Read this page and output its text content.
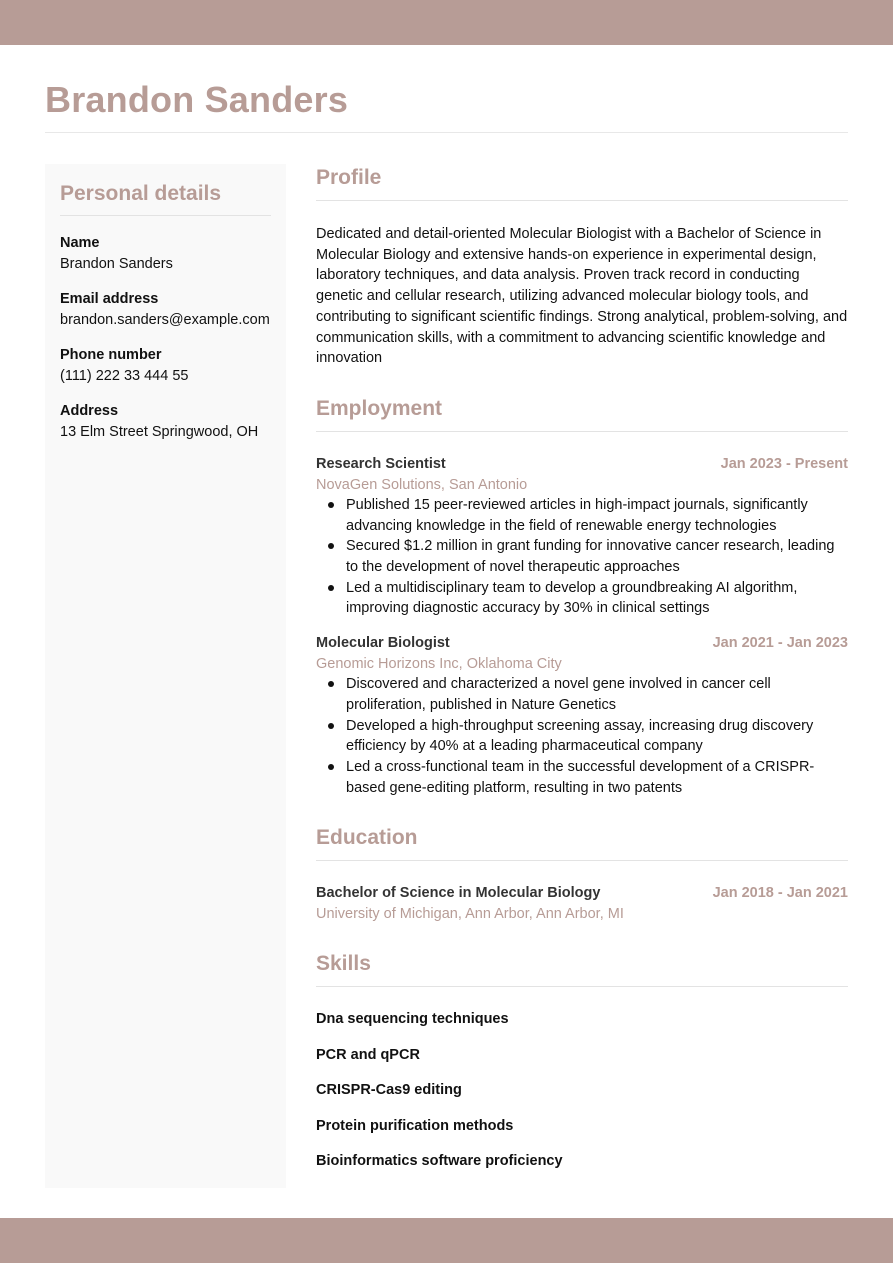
Brandon Sanders
Personal details
Name
Brandon Sanders
Email address
brandon.sanders@example.com
Phone number
(111) 222 33 444 55
Address
13 Elm Street Springwood, OH
Profile

Dedicated and detail-oriented Molecular Biologist with a Bachelor of Science in Molecular Biology and extensive hands-on experience in experimental design, laboratory techniques, and data analysis. Proven track record in conducting genetic and cellular research, utilizing advanced molecular biology tools, and contributing to significant scientific findings. Strong analytical, problem-solving, and communication skills, with a commitment to advancing scientific knowledge and innovation

Employment
Research Scientist	Jan 2023 - Present
NovaGen Solutions, San Antonio
Published 15 peer-reviewed articles in high-impact journals, significantly advancing knowledge in the field of renewable energy technologies
Secured $1.2 million in grant funding for innovative cancer research, leading to the development of novel therapeutic approaches
Led a multidisciplinary team to develop a groundbreaking AI algorithm, improving diagnostic accuracy by 30% in clinical settings
Molecular Biologist	Jan 2021 - Jan 2023
Genomic Horizons Inc, Oklahoma City
Discovered and characterized a novel gene involved in cancer cell proliferation, published in Nature Genetics
Developed a high-throughput screening assay, increasing drug discovery efficiency by 40% at a leading pharmaceutical company
Led a cross-functional team in the successful development of a CRISPR-based gene-editing platform, resulting in two patents
Education
Bachelor of Science in Molecular Biology	Jan 2018 - Jan 2021
University of Michigan, Ann Arbor, Ann Arbor, MI
Skills
Dna sequencing techniques
PCR and qPCR
CRISPR-Cas9 editing
Protein purification methods
Bioinformatics software proficiency
